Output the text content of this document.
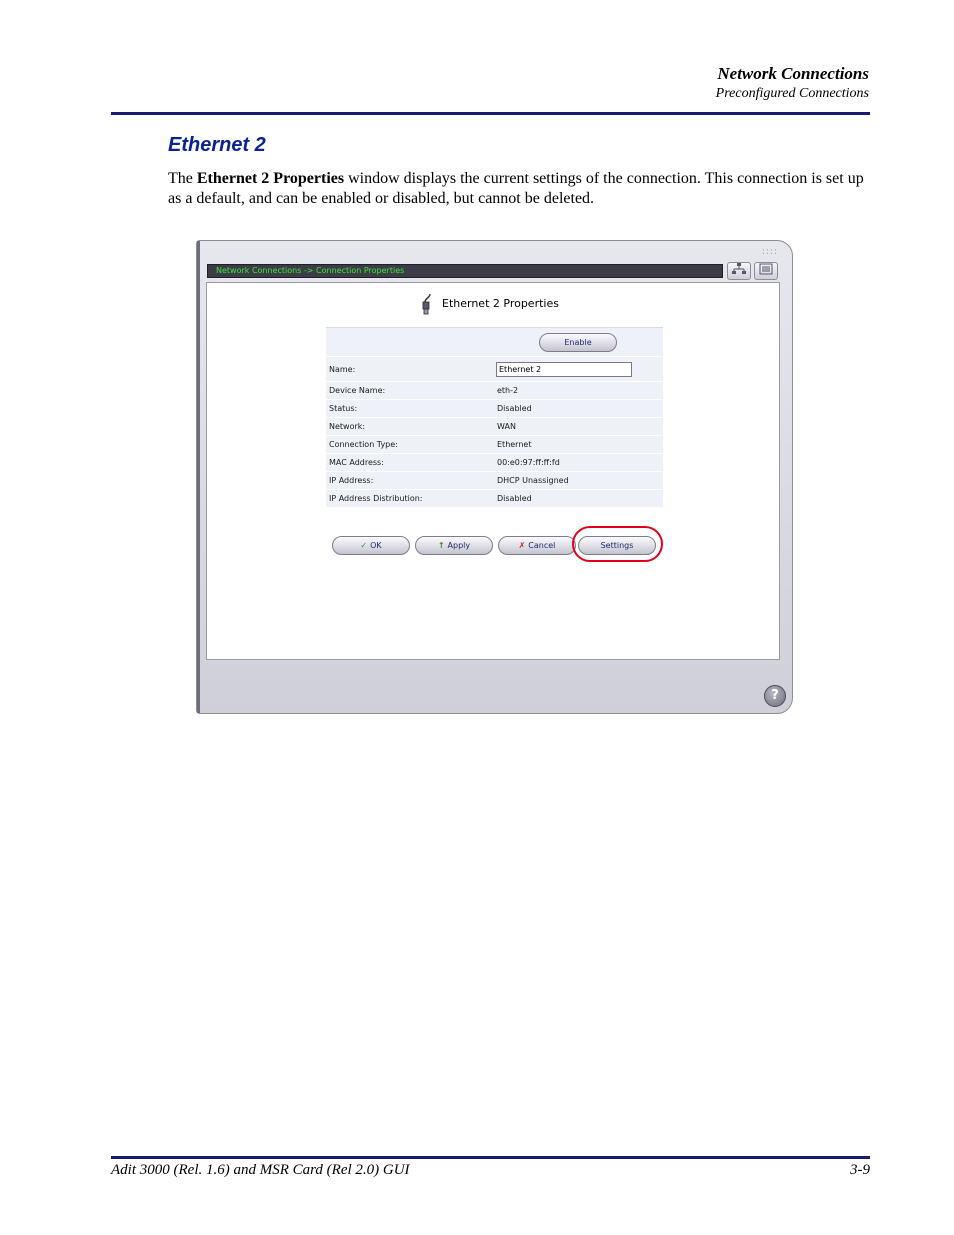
Network Connections
Preconfigured Connections
Ethernet 2

The Ethernet 2 Properties window displays the current settings of the connection. This connection is set up as a default, and can be enabled or disabled, but cannot be deleted.

::::
Network Connections -> Connection Properties
Ethernet 2 Properties
Enable
Name:	Ethernet 2
Device Name:	eth-2
Status:	Disabled
Network:	WAN
Connection Type:	Ethernet
MAC Address:	00:e0:97:ff:ff:fd
IP Address:	DHCP Unassigned
IP Address Distribution:	Disabled
✓ OK	↑ Apply	✗ Cancel	Settings
?
Adit 3000 (Rel. 1.6) and MSR Card (Rel 2.0) GUI	3-9
